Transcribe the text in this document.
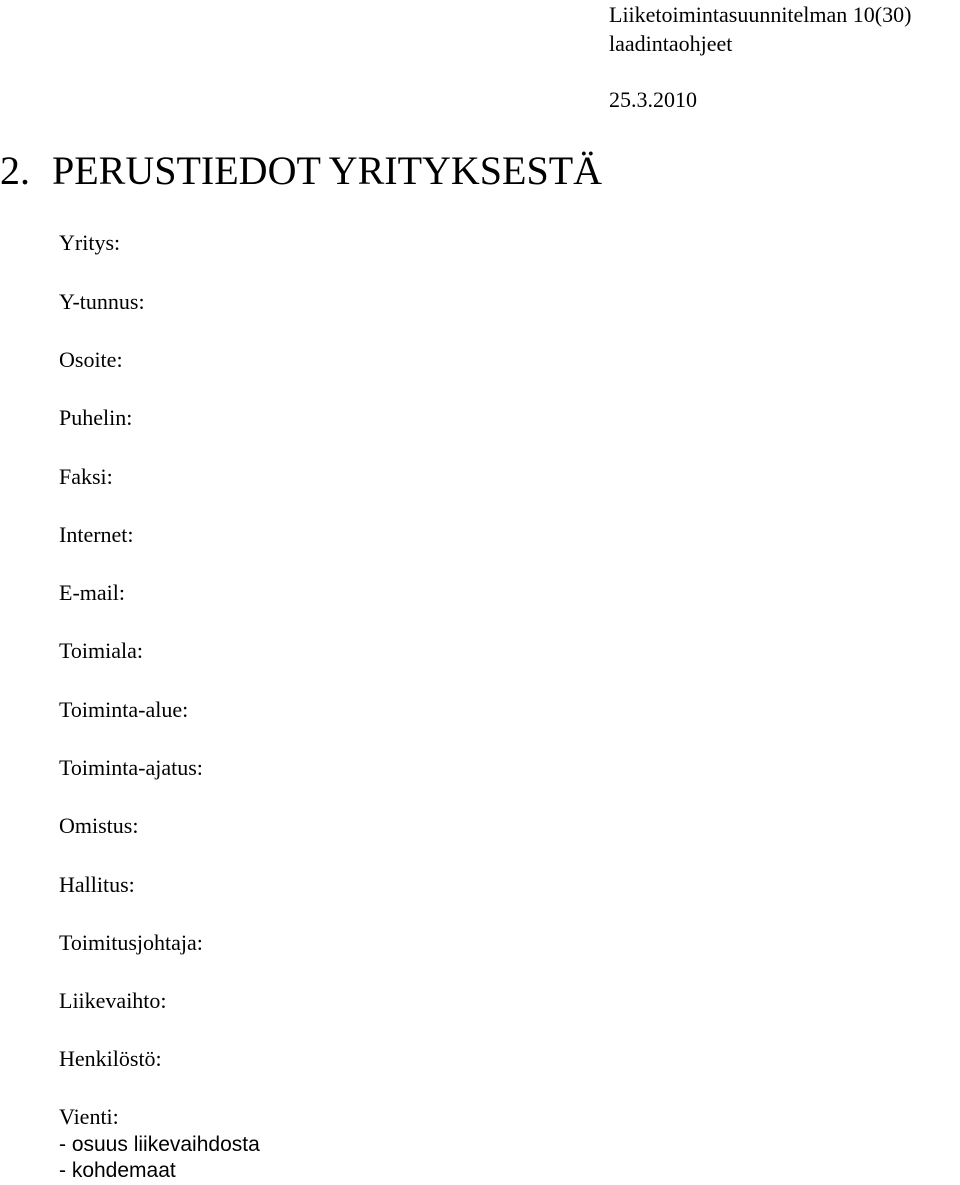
Liiketoimintasuunnitelman 10(30)
laadintaohjeet
25.3.2010
2. PERUSTIEDOT YRITYKSESTÄ
Yritys:
Y-tunnus:
Osoite:
Puhelin:
Faksi:
Internet:
E-mail:
Toimiala:
Toiminta-alue:
Toiminta-ajatus:
Omistus:
Hallitus:
Toimitusjohtaja:
Liikevaihto:
Henkilöstö:
Vienti:
- osuus liikevaihdosta
- kohdemaat
